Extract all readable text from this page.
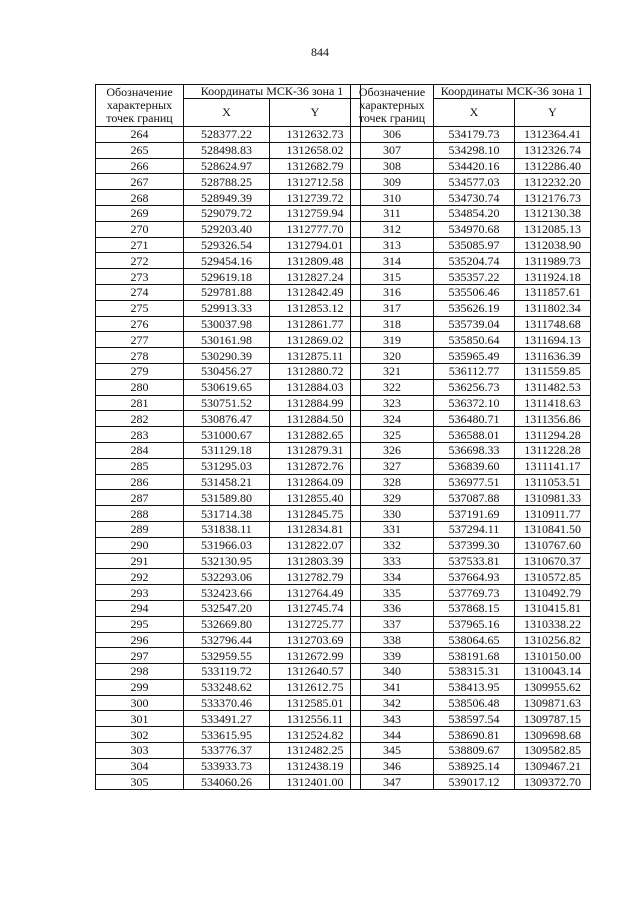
844
Обозначение характерных точек границ	Координаты МСК-36 зона 1	
	X	Y
264	528377.22	1312632.73
265	528498.83	1312658.02
266	528624.97	1312682.79
267	528788.25	1312712.58
268	528949.39	1312739.72
269	529079.72	1312759.94
270	529203.40	1312777.70
271	529326.54	1312794.01
272	529454.16	1312809.48
273	529619.18	1312827.24
274	529781.88	1312842.49
275	529913.33	1312853.12
276	530037.98	1312861.77
277	530161.98	1312869.02
278	530290.39	1312875.11
279	530456.27	1312880.72
280	530619.65	1312884.03
281	530751.52	1312884.99
282	530876.47	1312884.50
283	531000.67	1312882.65
284	531129.18	1312879.31
285	531295.03	1312872.76
286	531458.21	1312864.09
287	531589.80	1312855.40
288	531714.38	1312845.75
289	531838.11	1312834.81
290	531966.03	1312822.07
291	532130.95	1312803.39
292	532293.06	1312782.79
293	532423.66	1312764.49
294	532547.20	1312745.74
295	532669.80	1312725.77
296	532796.44	1312703.69
297	532959.55	1312672.99
298	533119.72	1312640.57
299	533248.62	1312612.75
300	533370.46	1312585.01
301	533491.27	1312556.11
302	533615.95	1312524.82
303	533776.37	1312482.25
304	533933.73	1312438.19
305	534060.26	1312401.00
Обозначение характерных точек границ	Координаты МСК-36 зона 1	
	X	Y
306	534179.73	1312364.41
307	534298.10	1312326.74
308	534420.16	1312286.40
309	534577.03	1312232.20
310	534730.74	1312176.73
311	534854.20	1312130.38
312	534970.68	1312085.13
313	535085.97	1312038.90
314	535204.74	1311989.73
315	535357.22	1311924.18
316	535506.46	1311857.61
317	535626.19	1311802.34
318	535739.04	1311748.68
319	535850.64	1311694.13
320	535965.49	1311636.39
321	536112.77	1311559.85
322	536256.73	1311482.53
323	536372.10	1311418.63
324	536480.71	1311356.86
325	536588.01	1311294.28
326	536698.33	1311228.28
327	536839.60	1311141.17
328	536977.51	1311053.51
329	537087.88	1310981.33
330	537191.69	1310911.77
331	537294.11	1310841.50
332	537399.30	1310767.60
333	537533.81	1310670.37
334	537664.93	1310572.85
335	537769.73	1310492.79
336	537868.15	1310415.81
337	537965.16	1310338.22
338	538064.65	1310256.82
339	538191.68	1310150.00
340	538315.31	1310043.14
341	538413.95	1309955.62
342	538506.48	1309871.63
343	538597.54	1309787.15
344	538690.81	1309698.68
345	538809.67	1309582.85
346	538925.14	1309467.21
347	539017.12	1309372.70
